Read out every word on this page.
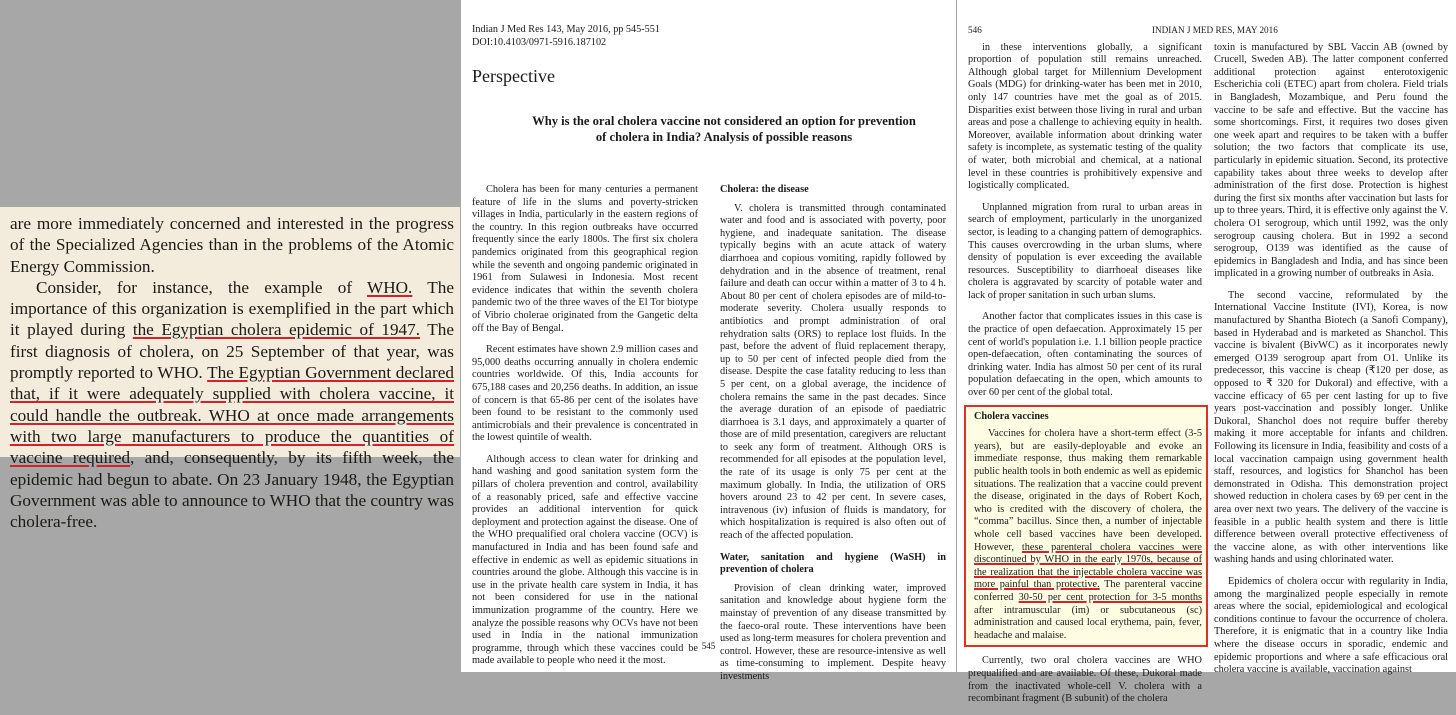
are more immediately concerned and interested in the progress of the Specialized Agencies than in the problems of the Atomic Energy Commission.

Consider, for instance, the example of WHO. The importance of this organization is exemplified in the part which it played during the Egyptian cholera epidemic of 1947. The first diagnosis of cholera, on 25 September of that year, was promptly reported to WHO. The Egyptian Government declared that, if it were adequately supplied with cholera vaccine, it could handle the outbreak. WHO at once made arrangements with two large manufacturers to produce the quantities of vaccine required, and, consequently, by its fifth week, the epidemic had begun to abate. On 23 January 1948, the Egyptian Government was able to announce to WHO that the country was cholera-free.

Indian J Med Res 143, May 2016, pp 545-551
DOI:10.4103/0971-5916.187102
Perspective
Why is the oral cholera vaccine not considered an option for prevention of cholera in India? Analysis of possible reasons

Cholera has been for many centuries a permanent feature of life in the slums and poverty-stricken villages in India, particularly in the eastern regions of the country. In this region outbreaks have occurred frequently since the early 1800s. The first six cholera pandemics originated from this geographical region while the seventh and ongoing pandemic originated in 1961 from Sulawesi in Indonesia. Most recent evidence indicates that within the seventh cholera pandemic two of the three waves of the El Tor biotype of Vibrio cholerae originated from the Gangetic delta off the Bay of Bengal.

Recent estimates have shown 2.9 million cases and 95,000 deaths occurring annually in cholera endemic countries worldwide. Of this, India accounts for 675,188 cases and 20,256 deaths. In addition, an issue of concern is that 65-86 per cent of the isolates have been found to be resistant to the commonly used antimicrobials and their prevalence is concentrated in the lowest quintile of wealth.

Although access to clean water for drinking and hand washing and good sanitation system form the pillars of cholera prevention and control, availability of a reasonably priced, safe and effective vaccine provides an additional intervention for quick deployment and protection against the disease. One of the WHO prequalified oral cholera vaccine (OCV) is manufactured in India and has been found safe and effective in endemic as well as epidemic situations in countries around the globe. Although this vaccine is in use in the private health care system in India, it has not been considered for use in the national immunization programme of the country. Here we analyze the possible reasons why OCVs have not been used in India in the national immunization programme, through which these vaccines could be made available to people who need it the most.

Cholera: the disease

V. cholera is transmitted through contaminated water and food and is associated with poverty, poor hygiene, and inadequate sanitation. The disease typically begins with an acute attack of watery diarrhoea and copious vomiting, rapidly followed by dehydration and in the absence of treatment, renal failure and death can occur within a matter of 3 to 4 h. About 80 per cent of cholera episodes are of mild-to-moderate severity. Cholera usually responds to antibiotics and prompt administration of oral rehydration salts (ORS) to replace lost fluids. In the past, before the advent of fluid replacement therapy, up to 50 per cent of infected people died from the disease. Despite the case fatality reducing to less than 5 per cent, on a global average, the incidence of cholera remains the same in the past decades. Since the average duration of an episode of paediatric diarrhoea is 3.1 days, and approximately a quarter of those are of mild presentation, caregivers are reluctant to seek any form of treatment. Although ORS is recommended for all episodes at the population level, the rate of its usage is only 75 per cent at the maximum globally. In India, the utilization of ORS hovers around 23 to 42 per cent. In severe cases, intravenous (iv) infusion of fluids is mandatory, for which hospitalization is required is also often out of reach of the affected population.

Water, sanitation and hygiene (WaSH) in prevention of cholera

Provision of clean drinking water, improved sanitation and knowledge about hygiene form the mainstay of prevention of any disease transmitted by the faeco-oral route. These interventions have been used as long-term measures for cholera prevention and control. However, these are resource-intensive as well as time-consuming to implement. Despite heavy investments

545
546	INDIAN J MED RES, MAY 2016

in these interventions globally, a significant proportion of population still remains unreached. Although global target for Millennium Development Goals (MDG) for drinking-water has been met in 2010, only 147 countries have met the goal as of 2015. Disparities exist between those living in rural and urban areas and pose a challenge to achieving equity in health. Moreover, available information about drinking water safety is incomplete, as systematic testing of the quality of water, both microbial and chemical, at a national level in these countries is prohibitively expensive and logistically complicated.

Unplanned migration from rural to urban areas in search of employment, particularly in the unorganized sector, is leading to a changing pattern of demographics. This causes overcrowding in the urban slums, where density of population is ever exceeding the available resources. Susceptibility to diarrhoeal diseases like cholera is aggravated by scarcity of potable water and lack of proper sanitation in such urban slums.

Another factor that complicates issues in this case is the practice of open defaecation. Approximately 15 per cent of world's population i.e. 1.1 billion people practice open-defaecation, often contaminating the sources of drinking water. India has almost 50 per cent of its rural population defaecating in the open, which amounts to over 60 per cent of the global total.

Cholera vaccines

Vaccines for cholera have a short-term effect (3-5 years), but are easily-deployable and evoke an immediate response, thus making them remarkable public health tools in both endemic as well as epidemic situations. The realization that a vaccine could prevent the disease, originated in the days of Robert Koch, who is credited with the discovery of cholera, the “comma” bacillus. Since then, a number of injectable whole cell based vaccines have been developed. However, these parenteral cholera vaccines were discontinued by WHO in the early 1970s, because of the realization that the injectable cholera vaccine was more painful than protective. The parenteral vaccine conferred 30-50 per cent protection for 3-5 months after intramuscular (im) or subcutaneous (sc) administration and caused local erythema, pain, fever, headache and malaise.

Currently, two oral cholera vaccines are WHO prequalified and are available. Of these, Dukoral made from the inactivated whole-cell V. cholera with a recombinant fragment (B subunit) of the cholera

toxin is manufactured by SBL Vaccin AB (owned by Crucell, Sweden AB). The latter component conferred additional protection against enterotoxigenic Escherichia coli (ETEC) apart from cholera. Field trials in Bangladesh, Mozambique, and Peru found the vaccine to be safe and effective. But the vaccine has some shortcomings. First, it requires two doses given one week apart and requires to be taken with a buffer solution; the two factors that complicate its use, particularly in epidemic situation. Second, its protective capability takes about three weeks to develop after administration of the first dose. Protection is highest during the first six months after vaccination but lasts for up to three years. Third, it is effective only against the V. cholera O1 serogroup, which until 1992, was the only serogroup causing cholera. But in 1992 a second serogroup, O139 was identified as the cause of epidemics in Bangladesh and India, and has since been implicated in a growing number of outbreaks in Asia.

The second vaccine, reformulated by the International Vaccine Institute (IVI), Korea, is now manufactured by Shantha Biotech (a Sanofi Company), based in Hyderabad and is marketed as Shanchol. This vaccine is bivalent (BivWC) as it incorporates newly emerged O139 serogroup apart from O1. Unlike its predecessor, this vaccine is cheap (₹120 per dose, as opposed to ₹ 320 for Dukoral) and effective, with a vaccine efficacy of 65 per cent lasting for up to five years post-vaccination and possibly longer. Unlike Dukoral, Shanchol does not require buffer thereby making it more acceptable for infants and children. Following its licensure in India, feasibility and costs of a local vaccination campaign using government health staff, resources, and logistics for Shanchol has been demonstrated in Odisha. This demonstration project showed reduction in cholera cases by 69 per cent in the area over next two years. The delivery of the vaccine is feasible in a public health system and there is little difference between overall protective effectiveness of the vaccine alone, as with other interventions like washing hands and using chlorinated water.

Epidemics of cholera occur with regularity in India, among the marginalized people especially in remote areas where the social, epidemiological and ecological conditions continue to favour the occurrence of cholera. Therefore, it is enigmatic that in a country like India where the disease occurs in sporadic, endemic and epidemic proportions and where a safe efficacious oral cholera vaccine is available, vaccination against
